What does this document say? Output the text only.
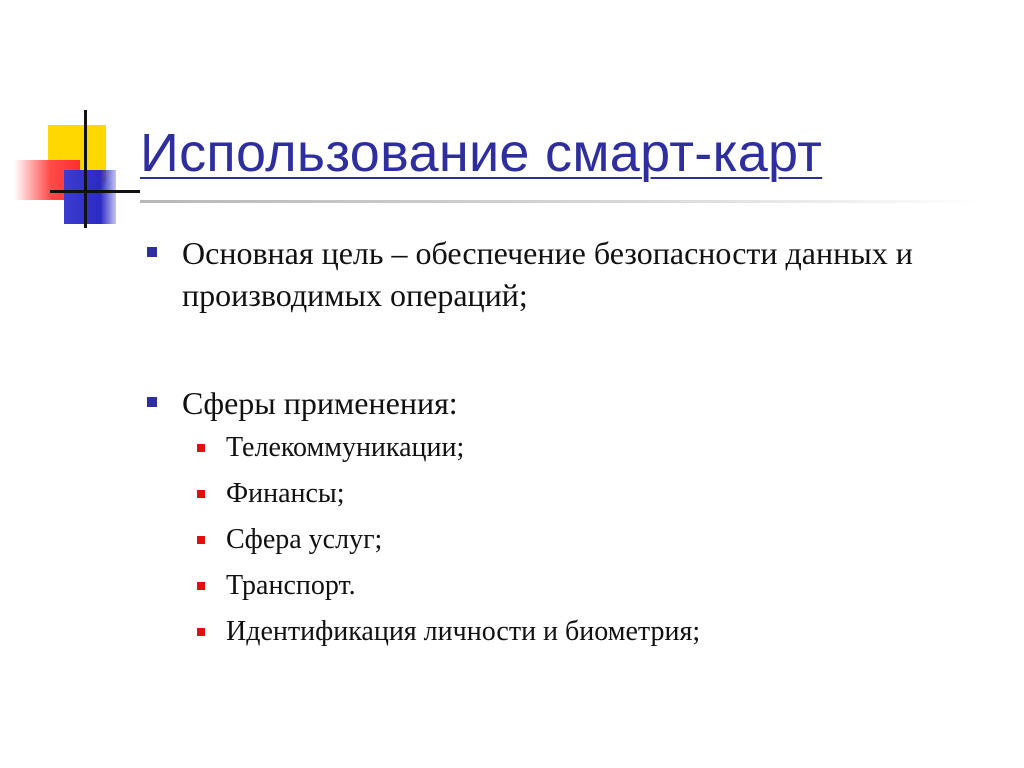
Использование смарт-карт
Основная цель – обеспечение безопасности данных и производимых операций;
Сферы применения:
Телекоммуникации;
Финансы;
Сфера услуг;
Транспорт.
Идентификация личности и биометрия;
